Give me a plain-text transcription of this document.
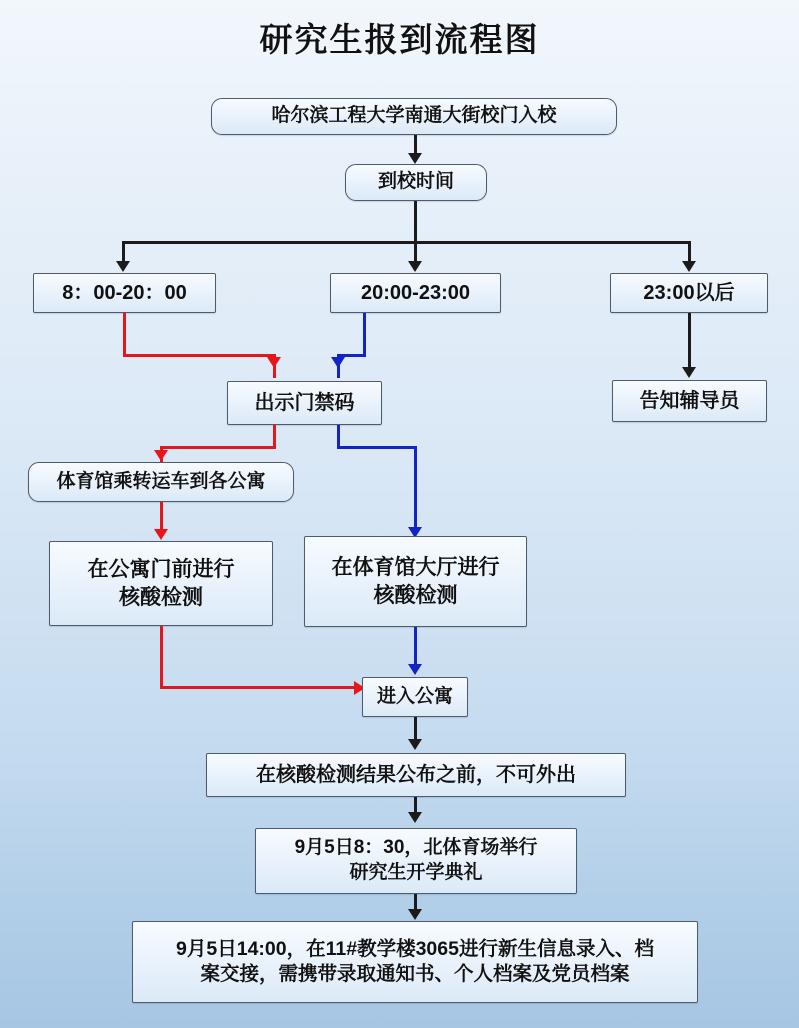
研究生报到流程图
哈尔滨工程大学南通大街校门入校
到校时间
8：00-20：00	20:00-23:00	23:00以后
告知辅导员
出示门禁码
体育馆乘转运车到各公寓
在公寓门前进行
核酸检测
在体育馆大厅进行
核酸检测
进入公寓
在核酸检测结果公布之前，不可外出
9月5日8：30，北体育场举行
研究生开学典礼
9月5日14:00，在11#教学楼3065进行新生信息录入、档
案交接，需携带录取通知书、个人档案及党员档案
